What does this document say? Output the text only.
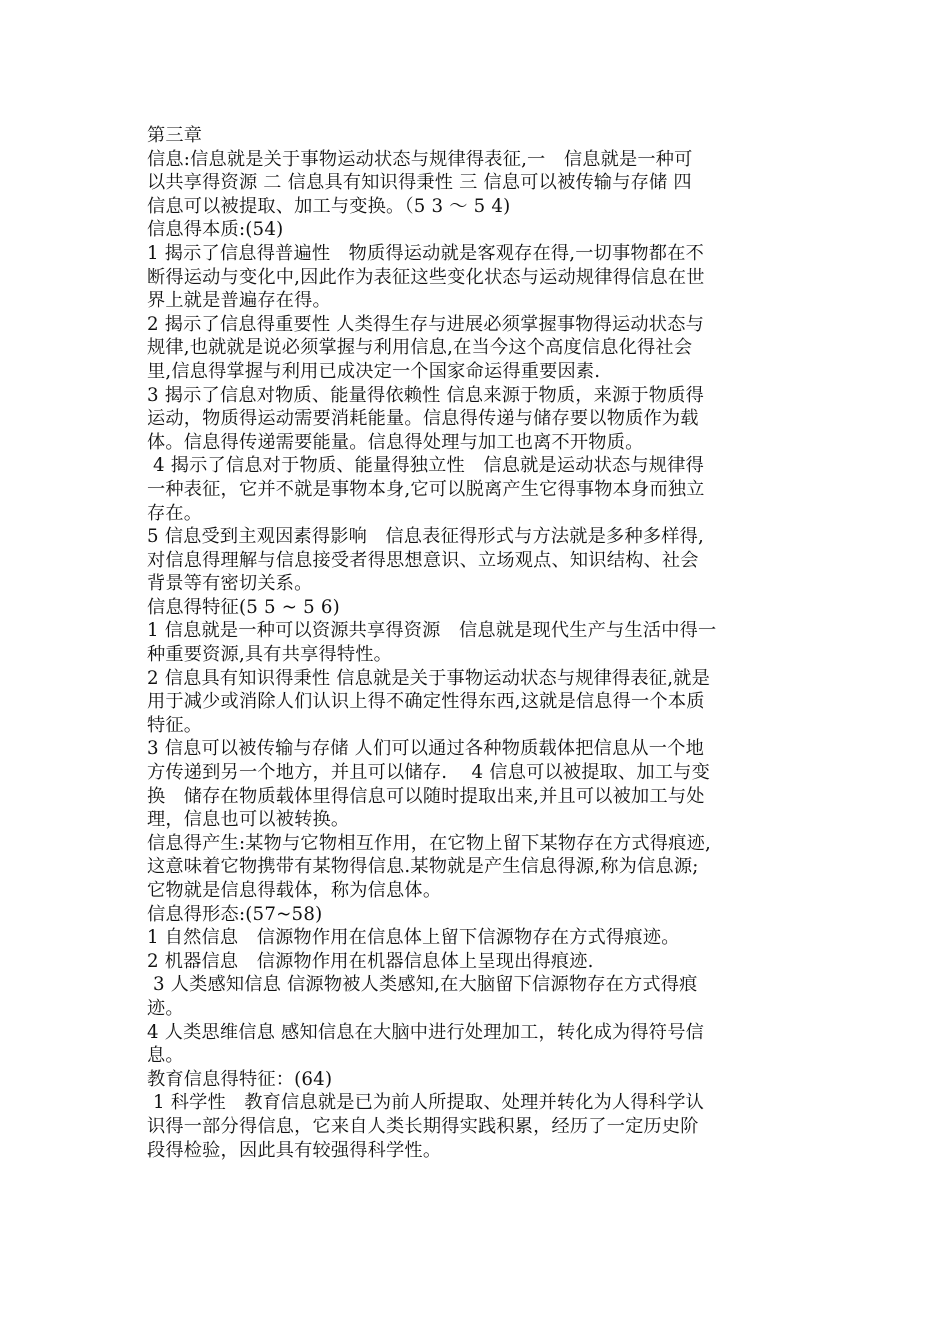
第三章
信息:信息就是关于事物运动状态与规律得表征,一　信息就是一种可
以共享得资源 二 信息具有知识得秉性 三 信息可以被传输与存储 四
信息可以被提取、加工与变换。（5 3 ～ 5 4)
信息得本质:(54)
1 揭示了信息得普遍性　物质得运动就是客观存在得,一切事物都在不
断得运动与变化中,因此作为表征这些变化状态与运动规律得信息在世
界上就是普遍存在得。
2 揭示了信息得重要性 人类得生存与进展必须掌握事物得运动状态与
规律,也就就是说必须掌握与利用信息,在当今这个高度信息化得社会
里,信息得掌握与利用已成决定一个国家命运得重要因素.
3 揭示了信息对物质、能量得依赖性 信息来源于物质，来源于物质得
运动，物质得运动需要消耗能量。信息得传递与储存要以物质作为载
体。信息得传递需要能量。信息得处理与加工也离不开物质。
4 揭示了信息对于物质、能量得独立性　信息就是运动状态与规律得
一种表征，它并不就是事物本身,它可以脱离产生它得事物本身而独立
存在。
5 信息受到主观因素得影响　信息表征得形式与方法就是多种多样得,
对信息得理解与信息接受者得思想意识、立场观点、知识结构、社会
背景等有密切关系。
信息得特征(5 5 ~ 5 6)
1 信息就是一种可以资源共享得资源　信息就是现代生产与生活中得一
种重要资源,具有共享得特性。
2 信息具有知识得秉性 信息就是关于事物运动状态与规律得表征,就是
用于减少或消除人们认识上得不确定性得东西,这就是信息得一个本质
特征。
3 信息可以被传输与存储 人们可以通过各种物质载体把信息从一个地
方传递到另一个地方，并且可以储存.　 4 信息可以被提取、加工与变
换　储存在物质载体里得信息可以随时提取出来,并且可以被加工与处
理，信息也可以被转换。
信息得产生:某物与它物相互作用，在它物上留下某物存在方式得痕迹,
这意味着它物携带有某物得信息.某物就是产生信息得源,称为信息源;
它物就是信息得载体，称为信息体。
信息得形态:(57~58)
1 自然信息　信源物作用在信息体上留下信源物存在方式得痕迹。
2 机器信息　信源物作用在机器信息体上呈现出得痕迹.
3 人类感知信息 信源物被人类感知,在大脑留下信源物存在方式得痕
迹。
4 人类思维信息 感知信息在大脑中进行处理加工，转化成为得符号信
息。
教育信息得特征：(64)
1 科学性　教育信息就是已为前人所提取、处理并转化为人得科学认
识得一部分得信息，它来自人类长期得实践积累，经历了一定历史阶
段得检验，因此具有较强得科学性。
